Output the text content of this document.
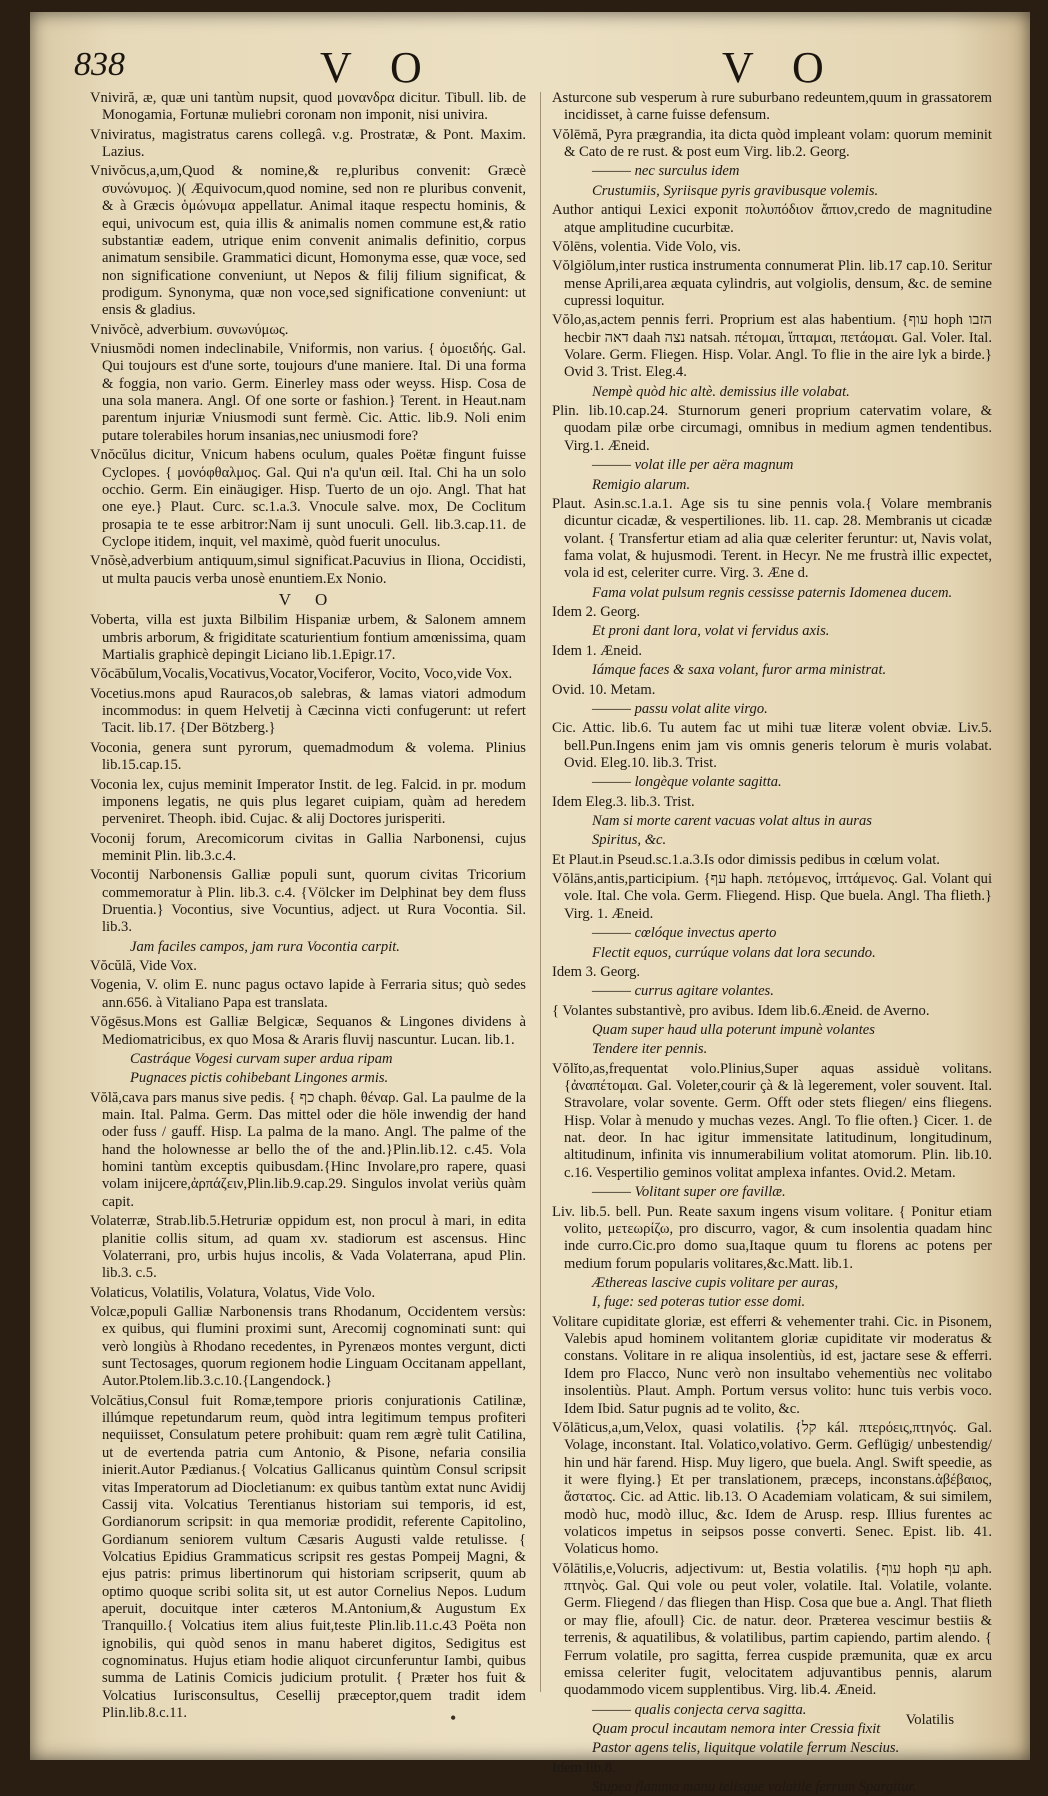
838	V O	V O

Vniviră, æ, quæ uni tantùm nupsit, quod μονανδρα dicitur. Tibull. lib. de Monogamia, Fortunæ muliebri coronam non imponit, nisi univira.

Vniviratus, magistratus carens collegâ. v.g. Prostratæ, & Pont. Maxim. Lazius.

Vnivŏcus,a,um,Quod & nomine,& re,pluribus convenit: Græcè συνώνυμος. )( Æquivocum,quod nomine, sed non re pluribus convenit, & à Græcis ὁμώνυμα appellatur. Animal itaque respectu hominis, & equi, univocum est, quia illis & animalis nomen commune est,& ratio substantiæ eadem, utrique enim convenit animalis definitio, corpus animatum sensibile. Grammatici dicunt, Homonyma esse, quæ voce, sed non significatione conveniunt, ut Nepos & filij filium significat, & prodigum. Synonyma, quæ non voce,sed significatione conveniunt: ut ensis & gladius.

Vnivŏcè, adverbium. συνωνύμως.

Vniusmŏdi nomen indeclinabile, Vniformis, non varius. { ὁμοειδής. Gal. Qui toujours est d'une sorte, toujours d'une maniere. Ital. Di una forma & foggia, non vario. Germ. Einerley mass oder weyss. Hisp. Cosa de una sola manera. Angl. Of one sorte or fashion.} Terent. in Heaut.nam parentum injuriæ Vniusmodi sunt fermè. Cic. Attic. lib.9. Noli enim putare tolerabiles horum insanias,nec uniusmodi fore?

Vnŏcŭlus dicitur, Vnicum habens oculum, quales Poëtæ fingunt fuisse Cyclopes. { μονόφθαλμος. Gal. Qui n'a qu'un œil. Ital. Chi ha un solo occhio. Germ. Ein einäugiger. Hisp. Tuerto de un ojo. Angl. That hat one eye.} Plaut. Curc. sc.1.a.3. Vnocule salve. mox, De Coclitum prosapia te te esse arbitror:Nam ij sunt unoculi. Gell. lib.3.cap.11. de Cyclope itidem, inquit, vel maximè, quòd fuerit unoculus.

Vnŏsè,adverbium antiquum,simul significat.Pacuvius in Iliona, Occidisti, ut multa paucis verba unosè enuntiem.Ex Nonio.

V O

Voberta, villa est juxta Bilbilim Hispaniæ urbem, & Salonem amnem umbris arborum, & frigiditate scaturientium fontium amœnissima, quam Martialis graphicè depingit Liciano lib.1.Epigr.17.

Vŏcābŭlum,Vocalis,Vocativus,Vocator,Vociferor, Vocito, Voco,vide Vox.

Vocetius.mons apud Rauracos,ob salebras, & lamas viatori admodum incommodus: in quem Helvetij à Cæcinna victi confugerunt: ut refert Tacit. lib.17. {Der Bötzberg.}

Voconia, genera sunt pyrorum, quemadmodum & volema. Plinius lib.15.cap.15.

Voconia lex, cujus meminit Imperator Instit. de leg. Falcid. in pr. modum imponens legatis, ne quis plus legaret cuipiam, quàm ad heredem perveniret. Theoph. ibid. Cujac. & alij Doctores jurisperiti.

Voconij forum, Arecomicorum civitas in Gallia Narbonensi, cujus meminit Plin. lib.3.c.4.

Vocontij Narbonensis Galliæ populi sunt, quorum civitas Tricorium commemoratur à Plin. lib.3. c.4. {Völcker im Delphinat bey dem fluss Druentia.} Vocontius, sive Vocuntius, adject. ut Rura Vocontia. Sil. lib.3.

Jam faciles campos, jam rura Vocontia carpit.

Vŏcŭlă, Vide Vox.

Vogenia, V. olim E. nunc pagus octavo lapide à Ferraria situs; quò sedes ann.656. à Vitaliano Papa est translata.

Vŏgēsus.Mons est Galliæ Belgicæ, Sequanos & Lingones dividens à Mediomatricibus, ex quo Mosa & Araris fluvij nascuntur. Lucan. lib.1.

Castráque Vogesi curvam super ardua ripam

Pugnaces pictis cohibebant Lingones armis.

Vŏlă,cava pars manus sive pedis. { כף chaph. θέναρ. Gal. La paulme de la main. Ital. Palma. Germ. Das mittel oder die höle inwendig der hand oder fuss / gauff. Hisp. La palma de la mano. Angl. The palme of the hand the holownesse ar bello the of the and.}Plin.lib.12. c.45. Vola homini tantùm exceptis quibusdam.{Hinc Involare,pro rapere, quasi volam inijcere,ἀρπάζειν,Plin.lib.9.cap.29. Singulos involat veriùs quàm capit.

Volaterræ, Strab.lib.5.Hetruriæ oppidum est, non procul à mari, in edita planitie collis situm, ad quam xv. stadiorum est ascensus. Hinc Volaterrani, pro, urbis hujus incolis, & Vada Volaterrana, apud Plin. lib.3. c.5.

Volaticus, Volatilis, Volatura, Volatus, Vide Volo.

Volcæ,populi Galliæ Narbonensis trans Rhodanum, Occidentem versùs: ex quibus, qui flumini proximi sunt, Arecomij cognominati sunt: qui verò longiùs à Rhodano recedentes, in Pyrenæos montes vergunt, dicti sunt Tectosages, quorum regionem hodie Linguam Occitanam appellant, Autor.Ptolem.lib.3.c.10.{Langendock.}

Volcătius,Consul fuit Romæ,tempore prioris conjurationis Catilinæ, illúmque repetundarum reum, quòd intra legitimum tempus profiteri nequiisset, Consulatum petere prohibuit: quam rem ægrè tulit Catilina, ut de evertenda patria cum Antonio, & Pisone, nefaria consilia inierit.Autor Pædianus.{ Volcatius Gallicanus quintùm Consul scripsit vitas Imperatorum ad Diocletianum: ex quibus tantùm extat nunc Avidij Cassij vita. Volcatius Terentianus historiam sui temporis, id est, Gordianorum scripsit: in qua memoriæ prodidit, referente Capitolino, Gordianum seniorem vultum Cæsaris Augusti valde retulisse. { Volcatius Epidius Grammaticus scripsit res gestas Pompeij Magni, & ejus patris: primus libertinorum qui historiam scripserit, quum ab optimo quoque scribi solita sit, ut est autor Cornelius Nepos. Ludum aperuit, docuitque inter cæteros M.Antonium,& Augustum Ex Tranquillo.{ Volcatius item alius fuit,teste Plin.lib.11.c.43 Poëta non ignobilis, qui quòd senos in manu haberet digitos, Sedigitus est cognominatus. Hujus etiam hodie aliquot circunferuntur Iambi, quibus summa de Latinis Comicis judicium protulit. { Præter hos fuit & Volcatius Iurisconsultus, Cesellij præceptor,quem tradit idem Plin.lib.8.c.11.

Asturcone sub vesperum à rure suburbano redeuntem,quum in grassatorem incidisset, à carne fuisse defensum.

Vŏlēmă, Pyra prægrandia, ita dicta quòd impleant volam: quorum meminit & Cato de re rust. & post eum Virg. lib.2. Georg.

——— nec surculus idem

Crustumiis, Syriisque pyris gravibusque volemis.

Author antiqui Lexici exponit πολυπόδιον ἄπιον,credo de magnitudine atque amplitudine cucurbitæ.

Vŏlēns, volentia. Vide Volo, vis.

Vŏlgiŏlum,inter rustica instrumenta connumerat Plin. lib.17 cap.10. Seritur mense Aprili,area æquata cylindris, aut volgiolis, densum, &c. de semine cupressi loquitur.

Vŏlo,as,actem pennis ferri. Proprium est alas habentium. {עוף hoph הזבו hecbir דאה daah נצה natsah. πέτομαι, ἵπταμαι, πετάομαι. Gal. Voler. Ital. Volare. Germ. Fliegen. Hisp. Volar. Angl. To flie in the aire lyk a birde.} Ovid 3. Trist. Eleg.4.

Nempè quòd hic altè. demissius ille volabat.

Plin. lib.10.cap.24. Sturnorum generi proprium catervatim volare, & quodam pilæ orbe circumagi, omnibus in medium agmen tendentibus. Virg.1. Æneid.

——— volat ille per aëra magnum

Remigio alarum.

Plaut. Asin.sc.1.a.1. Age sis tu sine pennis vola.{ Volare membranis dicuntur cicadæ, & vespertiliones. lib. 11. cap. 28. Membranis ut cicadæ volant. { Transfertur etiam ad alia quæ celeriter feruntur: ut, Navis volat, fama volat, & hujusmodi. Terent. in Hecyr. Ne me frustrà illic expectet, vola id est, celeriter curre. Virg. 3. Æne d.

Fama volat pulsum regnis cessisse paternis Idomenea ducem.

Idem 2. Georg.

Et proni dant lora, volat vi fervidus axis.

Idem 1. Æneid.

Iámque faces & saxa volant, furor arma ministrat.

Ovid. 10. Metam.

——— passu volat alite virgo.

Cic. Attic. lib.6. Tu autem fac ut mihi tuæ literæ volent obviæ. Liv.5. bell.Pun.Ingens enim jam vis omnis generis telorum è muris volabat. Ovid. Eleg.10. lib.3. Trist.

——— longèque volante sagitta.

Idem Eleg.3. lib.3. Trist.

Nam si morte carent vacuas volat altus in auras

Spiritus, &c.

Et Plaut.in Pseud.sc.1.a.3.Is odor dimissis pedibus in cœlum volat.

Vŏlāns,antis,participium. {עף haph. πετόμενος, ἱπτάμενος. Gal. Volant qui vole. Ital. Che vola. Germ. Fliegend. Hisp. Que buela. Angl. Tha flieth.} Virg. 1. Æneid.

——— cœlóque invectus aperto

Flectit equos, currúque volans dat lora secundo.

Idem 3. Georg.

——— currus agitare volantes.

{ Volantes substantivè, pro avibus. Idem lib.6.Æneid. de Averno.

Quam super haud ulla poterunt impunè volantes

Tendere iter pennis.

Vŏlĭto,as,frequentat volo.Plinius,Super aquas assiduè volitans.{ἀναπέτομαι. Gal. Voleter,courir çà & là legerement, voler souvent. Ital. Stravolare, volar sovente. Germ. Offt oder stets fliegen/ eins fliegens. Hisp. Volar à menudo y muchas vezes. Angl. To flie often.} Cicer. 1. de nat. deor. In hac igitur immensitate latitudinum, longitudinum, altitudinum, infinita vis innumerabilium volitat atomorum. Plin. lib.10. c.16. Vespertilio geminos volitat amplexa infantes. Ovid.2. Metam.

——— Volitant super ore favillæ.

Liv. lib.5. bell. Pun. Reate saxum ingens visum volitare. { Ponitur etiam volito, μετεωρίζω, pro discurro, vagor, & cum insolentia quadam hinc inde curro.Cic.pro domo sua,Itaque quum tu florens ac potens per medium forum popularis volitares,&c.Matt. lib.1.

Æthereas lascive cupis volitare per auras,

I, fuge: sed poteras tutior esse domi.

Volitare cupiditate gloriæ, est efferri & vehementer trahi. Cic. in Pisonem, Valebis apud hominem volitantem gloriæ cupiditate vir moderatus & constans. Volitare in re aliqua insolentiùs, id est, jactare sese & efferri. Idem pro Flacco, Nunc verò non insultabo vehementiùs nec volitabo insolentiùs. Plaut. Amph. Portum versus volito: hunc tuis verbis voco. Idem Ibid. Satur pugnis ad te volito, &c.

Vŏlāticus,a,um,Velox, quasi volatilis. {קל kál. πτερόεις,πτηνός. Gal. Volage, inconstant. Ital. Volatico,volativo. Germ. Geflügig/ unbestendig/ hin und här farend. Hisp. Muy ligero, que buela. Angl. Swift speedie, as it were flying.} Et per translationem, præceps, inconstans.ἀβέβαιος, ἄστατος. Cic. ad Attic. lib.13. O Academiam volaticam, & sui similem, modò huc, modò illuc, &c. Idem de Arusp. resp. Illius furentes ac volaticos impetus in seipsos posse converti. Senec. Epist. lib. 41. Volaticus homo.

Vŏlātilis,e,Volucris, adjectivum: ut, Bestia volatilis. {עוף hoph עף aph. πτηνὸς. Gal. Qui vole ou peut voler, volatile. Ital. Volatile, volante. Germ. Fliegend / das fliegen than Hisp. Cosa que bue a. Angl. That flieth or may flie, afoull} Cic. de natur. deor. Præterea vescimur bestiis & terrenis, & aquatilibus, & volatilibus, partim capiendo, partim alendo. { Ferrum volatile, pro sagitta, ferrea cuspide præmunita, quæ ex arcu emissa celeriter fugit, velocitatem adjuvantibus pennis, alarum quodammodo vicem supplentibus. Virg. lib.4. Æneid.

——— qualis conjecta cerva sagitta.

Quam procul incautam nemora inter Cressia fixit

Pastor agens telis, liquitque volatile ferrum Nescius.

Idem lib.8.

Stupea flamma manu telisque volatile ferrum Spargitur.

•	Volatilis
